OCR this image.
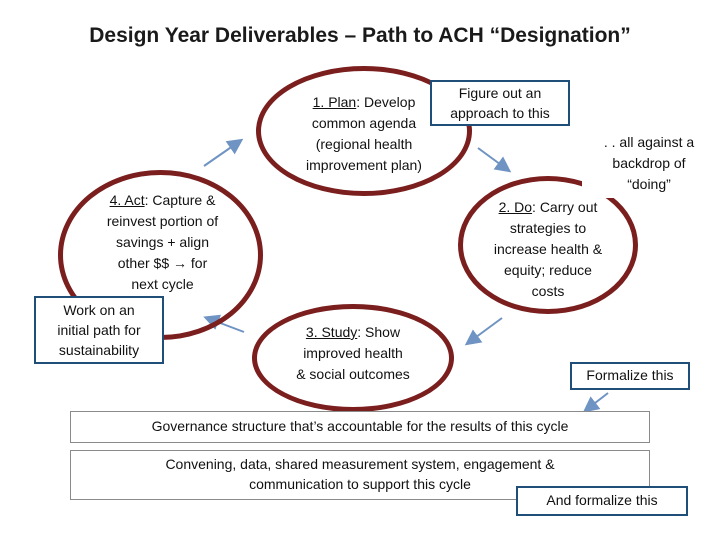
Design Year Deliverables – Path to ACH “Designation”
1. Plan: Develop
common agenda
(regional health
improvement plan)
2. Do: Carry out
strategies to
increase health &
equity; reduce
costs
3. Study: Show
improved health
& social outcomes
4. Act: Capture &
reinvest portion of
savings + align
other $$ → for
next cycle
Figure out an
approach to this
. . all against a
backdrop of
“doing”
Work on an
initial path for
sustainability
Formalize this
Governance structure that’s accountable for the results of this cycle
Convening, data, shared measurement system, engagement &
communication to support this cycle
And formalize this
